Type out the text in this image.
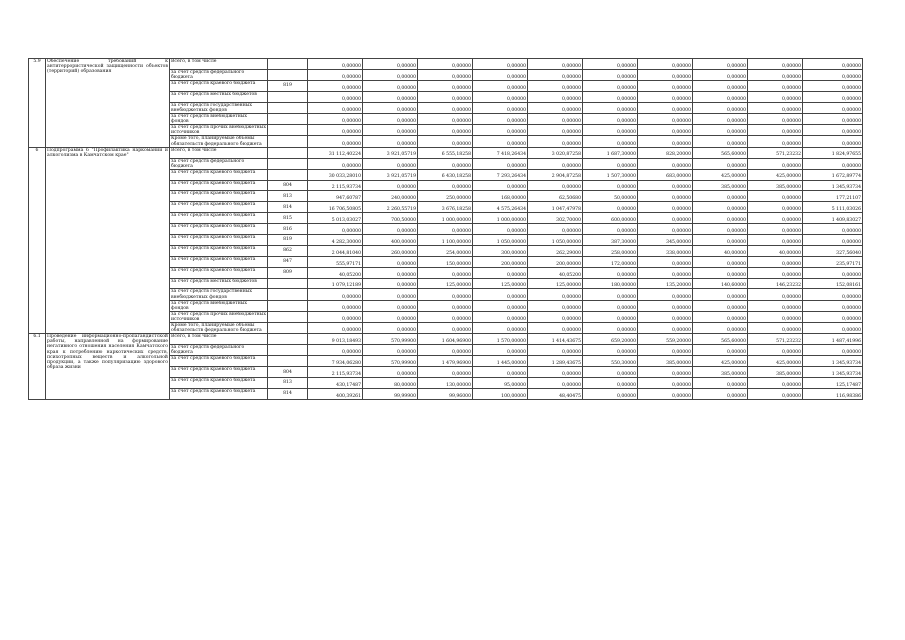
5.9	Обеспечение требований к антитеррористической защищенности объектов (территорий) образования	Всего, в том числе		0,00000	0,00000	0,00000	0,00000	0,00000	0,00000	0,00000	0,00000	0,00000	0,00000
		за счет средств федерального бюджета		0,00000	0,00000	0,00000	0,00000	0,00000	0,00000	0,00000	0,00000	0,00000	0,00000
		за счет средств краевого бюджета	819	0,00000	0,00000	0,00000	0,00000	0,00000	0,00000	0,00000	0,00000	0,00000	0,00000
		за счет средств местных бюджетов		0,00000	0,00000	0,00000	0,00000	0,00000	0,00000	0,00000	0,00000	0,00000	0,00000
		за счет средств государственных внебюджетных фондов		0,00000	0,00000	0,00000	0,00000	0,00000	0,00000	0,00000	0,00000	0,00000	0,00000
		за счет средств внебюджетных фондов		0,00000	0,00000	0,00000	0,00000	0,00000	0,00000	0,00000	0,00000	0,00000	0,00000
		за счет средств прочих внебюджетных источников		0,00000	0,00000	0,00000	0,00000	0,00000	0,00000	0,00000	0,00000	0,00000	0,00000
		Кроме того, планируемые объемы обязательств федерального бюджета		0,00000	0,00000	0,00000	0,00000	0,00000	0,00000	0,00000	0,00000	0,00000	0,00000
6	Подпрограмма 6 "Профилактика наркомании и алкоголизма в Камчатском крае"	Всего, в том числе		31 112,40224	3 921,05719	6 555,18258	7 418,26434	3 020,87258	1 687,30000	828,20000	565,60000	571,23232	1 824,97655
		за счет средств федерального бюджета		0,00000	0,00000	0,00000	0,00000	0,00000	0,00000	0,00000	0,00000	0,00000	0,00000
		за счет средств краевого бюджета		30 033,28010	3 921,05719	6 430,18258	7 293,26434	2 904,87258	1 507,30000	683,00000	425,00000	425,00000	1 672,89774
		за счет средств краевого бюджета	804	2 115,93734	0,00000	0,00000	0,00000	0,00000	0,00000	0,00000	385,00000	385,00000	1 345,93734
		за счет средств краевого бюджета	813	947,60787	240,00000	250,00000	168,00000	62,50680	50,00000	0,00000	0,00000	0,00000	177,21107
		за счет средств краевого бюджета	814	16 706,50805	2 260,55719	3 676,18258	4 575,26434	1 047,47978	0,00000	0,00000	0,00000	0,00000	5 111,03026
		за счет средств краевого бюджета	815	5 013,03027	700,50000	1 000,00000	1 000,00000	302,70000	600,00000	0,00000	0,00000	0,00000	1 409,83027
		за счет средств краевого бюджета	816	0,00000	0,00000	0,00000	0,00000	0,00000	0,00000	0,00000	0,00000	0,00000	0,00000
		за счет средств краевого бюджета	819	4 282,30000	400,00000	1 100,00000	1 050,00000	1 050,00000	387,30000	345,00000	0,00000	0,00000	0,00000
		за счет средств краевого бюджета	862	2 044,81040	260,00000	254,00000	300,00000	262,29000	258,00000	338,00000	40,00000	40,00000	327,56040
		за счет средств краевого бюджета	847	555,97171	0,00000	150,00000	200,00000	200,00000	172,00000	0,00000	0,00000	0,00000	235,97171
		за счет средств краевого бюджета	809	40,05200	0,00000	0,00000	0,00000	40,05200	0,00000	0,00000	0,00000	0,00000	0,00000
		за счет средств местных бюджетов		1 079,12189	0,00000	125,00000	125,00000	125,00000	180,00000	135,20000	140,60000	146,23232	152,08161
		за счет средств государственных внебюджетных фондов		0,00000	0,00000	0,00000	0,00000	0,00000	0,00000	0,00000	0,00000	0,00000	0,00000
		за счет средств внебюджетных фондов		0,00000	0,00000	0,00000	0,00000	0,00000	0,00000	0,00000	0,00000	0,00000	0,00000
		за счет средств прочих внебюджетных источников		0,00000	0,00000	0,00000	0,00000	0,00000	0,00000	0,00000	0,00000	0,00000	0,00000
		Кроме того, планируемые объемы обязательств федерального бюджета		0,00000	0,00000	0,00000	0,00000	0,00000	0,00000	0,00000	0,00000	0,00000	0,00000
6.1	Проведение информационно-пропагандистской работы, направленной на формирование негативного отношения населения Камчатского края к потреблению наркотических средств, психотропных веществ и алкогольной продукции, а также популяризацию здорового образа жизни	Всего, в том числе		9 013,18493	570,99900	1 604,96900	1 570,00000	1 414,43675	659,20000	559,20000	565,60000	571,23232	1 487,41996
		за счет средств федерального бюджета		0,00000	0,00000	0,00000	0,00000	0,00000	0,00000	0,00000	0,00000	0,00000	0,00000
		за счет средств краевого бюджета		7 934,06280	570,99900	1 479,96900	1 445,00000	1 289,43675	550,30000	385,00000	425,00000	425,00000	1 345,93734
		за счет средств краевого бюджета	804	2 115,93734	0,00000	0,00000	0,00000	0,00000	0,00000	0,00000	385,00000	385,00000	1 345,93734
		за счет средств краевого бюджета	813	430,17487	80,00000	130,00000	95,00000	0,00000	0,00000	0,00000	0,00000	0,00000	125,17487
		за счет средств краевого бюджета	814	400,39261	99,99900	99,96000	100,00000	48,40475	0,00000	0,00000	0,00000	0,00000	116,98386
